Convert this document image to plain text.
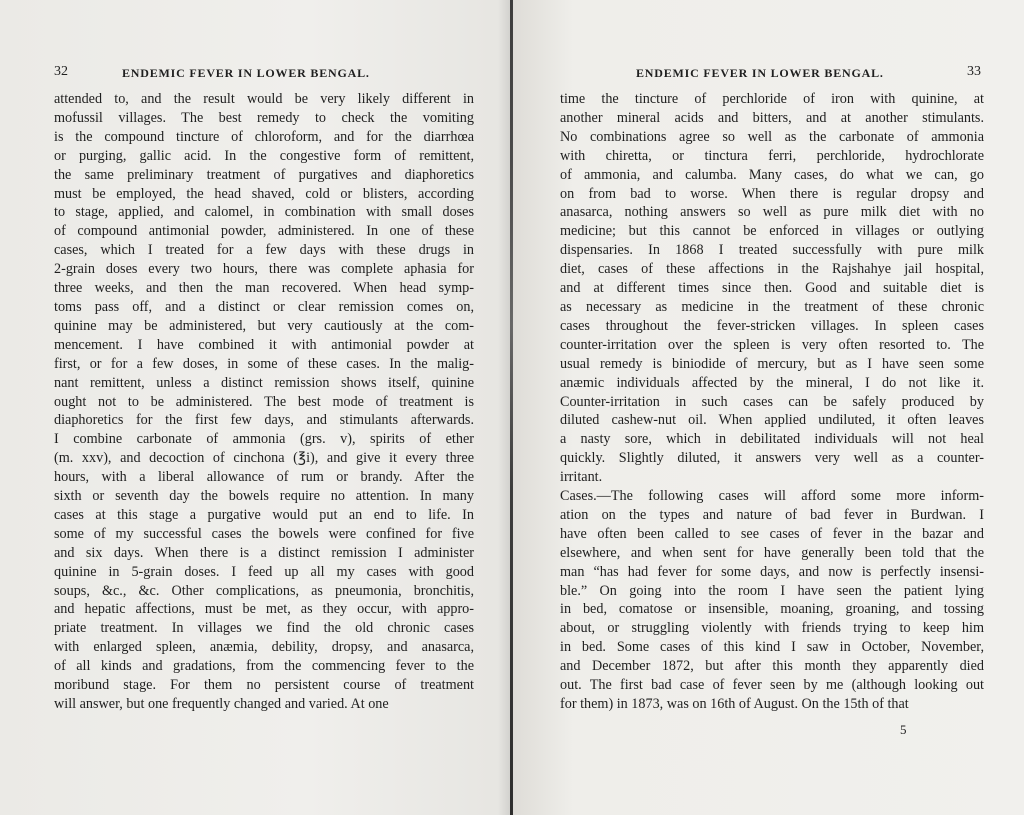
32	ENDEMIC FEVER IN LOWER BENGAL.
attended to, and the result would be very likely different in
mofussil villages. The best remedy to check the vomiting
is the compound tincture of chloroform, and for the diarrhœa
or purging, gallic acid. In the congestive form of remittent,
the same preliminary treatment of purgatives and diaphoretics
must be employed, the head shaved, cold or blisters, according
to stage, applied, and calomel, in combination with small doses
of compound antimonial powder, administered. In one of these
cases, which I treated for a few days with these drugs in
2-grain doses every two hours, there was complete aphasia for
three weeks, and then the man recovered. When head symp-
toms pass off, and a distinct or clear remission comes on,
quinine may be administered, but very cautiously at the com-
mencement. I have combined it with antimonial powder at
first, or for a few doses, in some of these cases. In the malig-
nant remittent, unless a distinct remission shows itself, quinine
ought not to be administered. The best mode of treatment is
diaphoretics for the first few days, and stimulants afterwards.
I combine carbonate of ammonia (grs. v), spirits of ether
(m. xxv), and decoction of cinchona (℥i), and give it every three
hours, with a liberal allowance of rum or brandy. After the
sixth or seventh day the bowels require no attention. In many
cases at this stage a purgative would put an end to life. In
some of my successful cases the bowels were confined for five
and six days. When there is a distinct remission I administer
quinine in 5-grain doses. I feed up all my cases with good
soups, &c., &c. Other complications, as pneumonia, bronchitis,
and hepatic affections, must be met, as they occur, with appro-
priate treatment. In villages we find the old chronic cases
with enlarged spleen, anæmia, debility, dropsy, and anasarca,
of all kinds and gradations, from the commencing fever to the
moribund stage. For them no persistent course of treatment
will answer, but one frequently changed and varied. At one
ENDEMIC FEVER IN LOWER BENGAL.	33
time the tincture of perchloride of iron with quinine, at
another mineral acids and bitters, and at another stimulants.
No combinations agree so well as the carbonate of ammonia
with chiretta, or tinctura ferri, perchloride, hydrochlorate
of ammonia, and calumba. Many cases, do what we can, go
on from bad to worse. When there is regular dropsy and
anasarca, nothing answers so well as pure milk diet with no
medicine; but this cannot be enforced in villages or outlying
dispensaries. In 1868 I treated successfully with pure milk
diet, cases of these affections in the Rajshahye jail hospital,
and at different times since then. Good and suitable diet is
as necessary as medicine in the treatment of these chronic
cases throughout the fever-stricken villages. In spleen cases
counter-irritation over the spleen is very often resorted to. The
usual remedy is biniodide of mercury, but as I have seen some
anæmic individuals affected by the mineral, I do not like it.
Counter-irritation in such cases can be safely produced by
diluted cashew-nut oil. When applied undiluted, it often leaves
a nasty sore, which in debilitated individuals will not heal
quickly. Slightly diluted, it answers very well as a counter-
irritant.
Cases.—The following cases will afford some more inform-
ation on the types and nature of bad fever in Burdwan. I
have often been called to see cases of fever in the bazar and
elsewhere, and when sent for have generally been told that the
man “has had fever for some days, and now is perfectly insensi-
ble.” On going into the room I have seen the patient lying
in bed, comatose or insensible, moaning, groaning, and tossing
about, or struggling violently with friends trying to keep him
in bed. Some cases of this kind I saw in October, November,
and December 1872, but after this month they apparently died
out. The first bad case of fever seen by me (although looking out
for them) in 1873, was on 16th of August. On the 15th of that
5
